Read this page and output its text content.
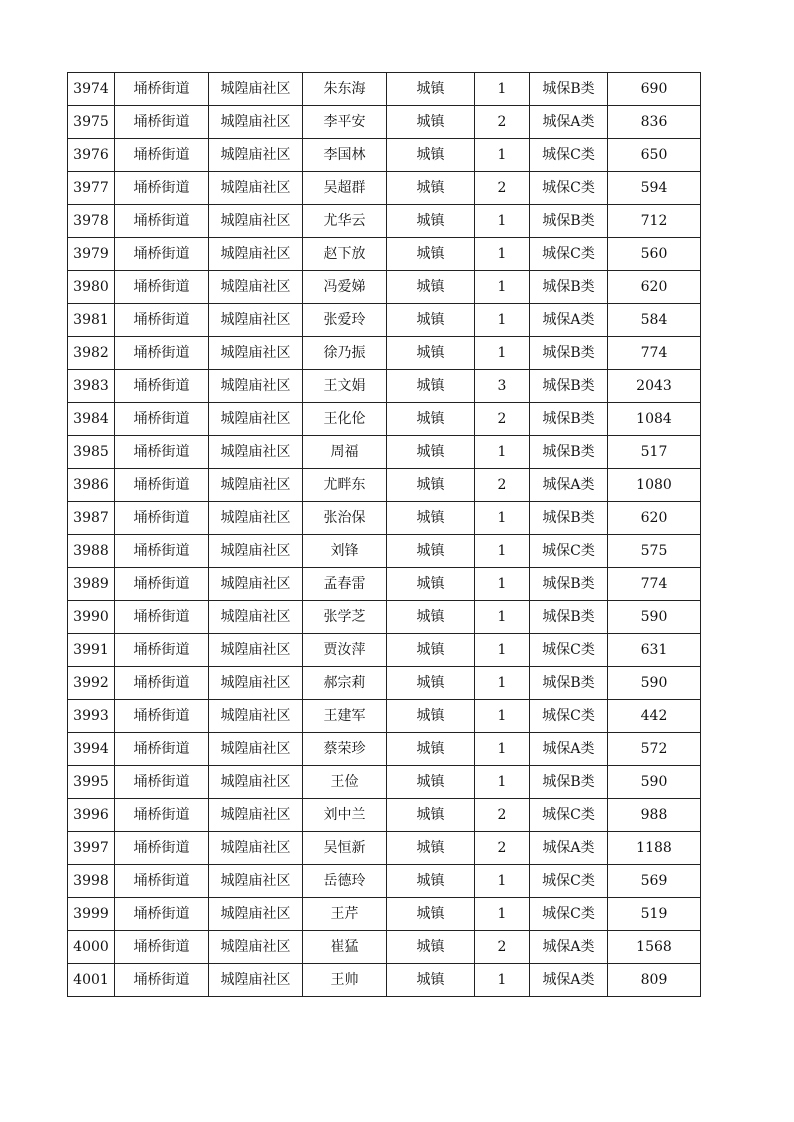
3974	埇桥街道	城隍庙社区	朱东海	城镇	1	城保B类	690
3975	埇桥街道	城隍庙社区	李平安	城镇	2	城保A类	836
3976	埇桥街道	城隍庙社区	李国林	城镇	1	城保C类	650
3977	埇桥街道	城隍庙社区	吴超群	城镇	2	城保C类	594
3978	埇桥街道	城隍庙社区	尤华云	城镇	1	城保B类	712
3979	埇桥街道	城隍庙社区	赵下放	城镇	1	城保C类	560
3980	埇桥街道	城隍庙社区	冯爱娣	城镇	1	城保B类	620
3981	埇桥街道	城隍庙社区	张爱玲	城镇	1	城保A类	584
3982	埇桥街道	城隍庙社区	徐乃振	城镇	1	城保B类	774
3983	埇桥街道	城隍庙社区	王文娟	城镇	3	城保B类	2043
3984	埇桥街道	城隍庙社区	王化伦	城镇	2	城保B类	1084
3985	埇桥街道	城隍庙社区	周福	城镇	1	城保B类	517
3986	埇桥街道	城隍庙社区	尤畔东	城镇	2	城保A类	1080
3987	埇桥街道	城隍庙社区	张治保	城镇	1	城保B类	620
3988	埇桥街道	城隍庙社区	刘锋	城镇	1	城保C类	575
3989	埇桥街道	城隍庙社区	孟春雷	城镇	1	城保B类	774
3990	埇桥街道	城隍庙社区	张学芝	城镇	1	城保B类	590
3991	埇桥街道	城隍庙社区	贾汝萍	城镇	1	城保C类	631
3992	埇桥街道	城隍庙社区	郝宗莉	城镇	1	城保B类	590
3993	埇桥街道	城隍庙社区	王建军	城镇	1	城保C类	442
3994	埇桥街道	城隍庙社区	蔡荣珍	城镇	1	城保A类	572
3995	埇桥街道	城隍庙社区	王俭	城镇	1	城保B类	590
3996	埇桥街道	城隍庙社区	刘中兰	城镇	2	城保C类	988
3997	埇桥街道	城隍庙社区	吴恒新	城镇	2	城保A类	1188
3998	埇桥街道	城隍庙社区	岳德玲	城镇	1	城保C类	569
3999	埇桥街道	城隍庙社区	王芹	城镇	1	城保C类	519
4000	埇桥街道	城隍庙社区	崔猛	城镇	2	城保A类	1568
4001	埇桥街道	城隍庙社区	王帅	城镇	1	城保A类	809
